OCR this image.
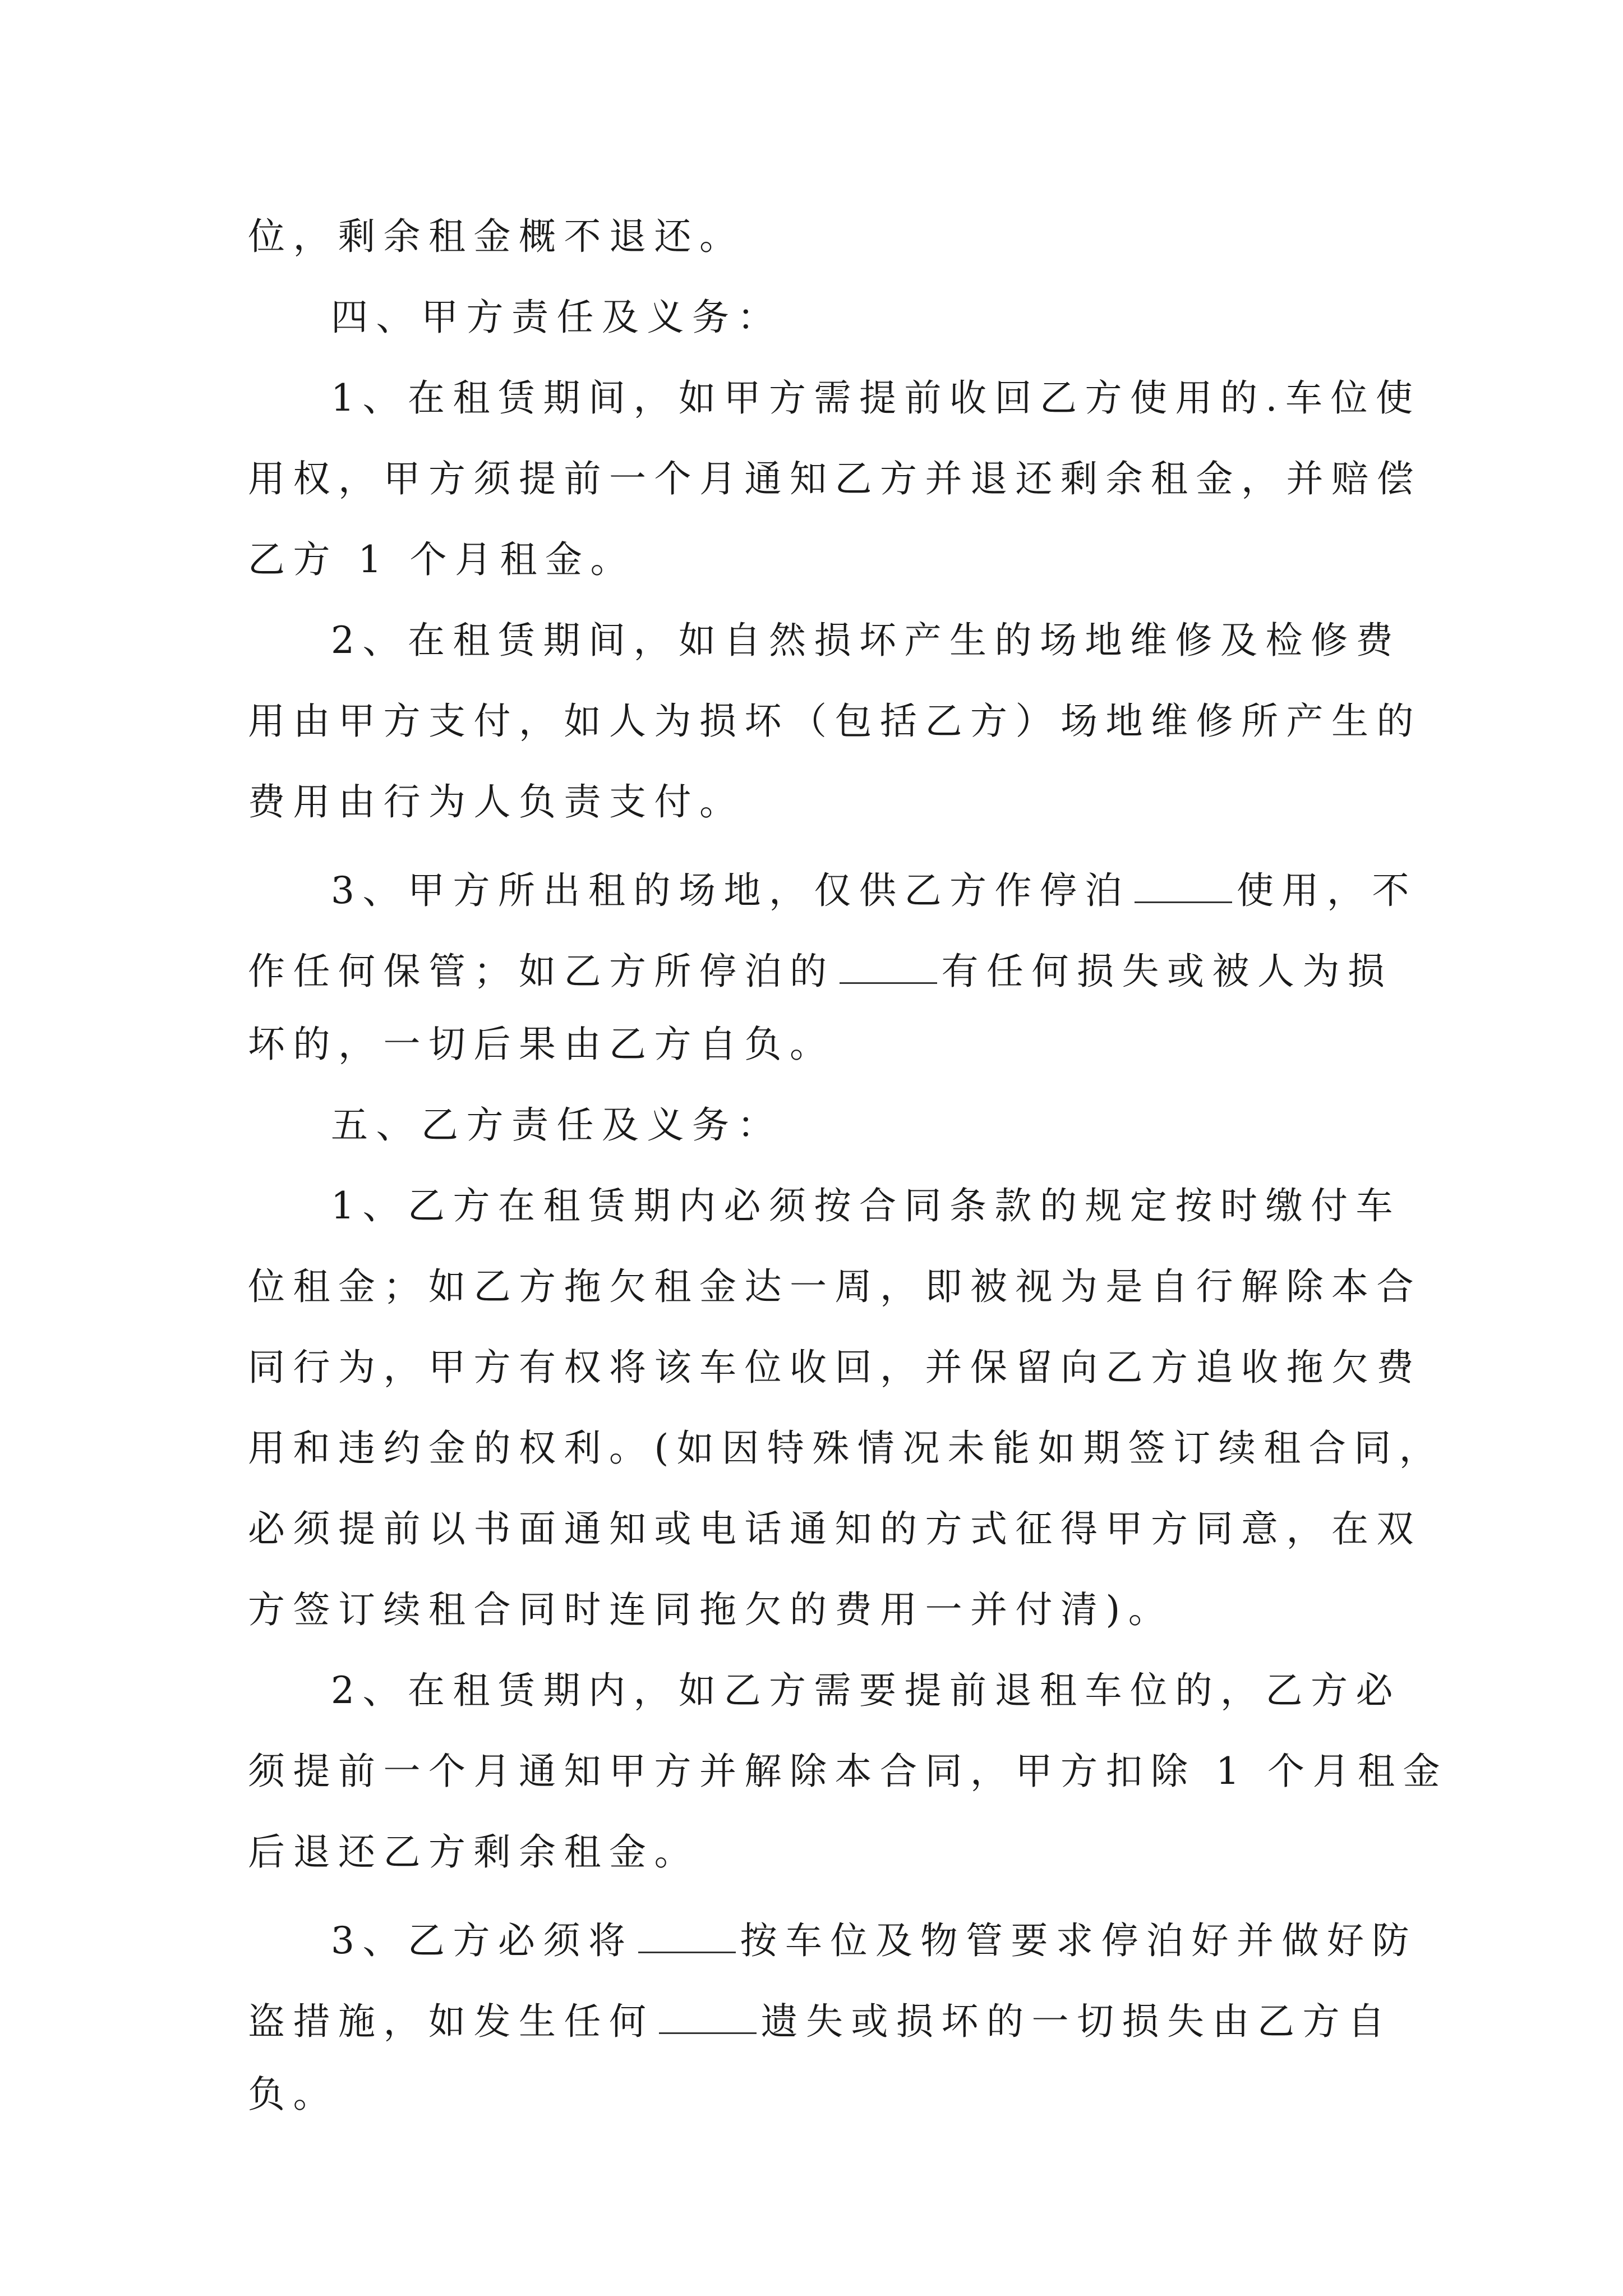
位，剩余租金概不退还。
四、甲方责任及义务：
1、在租赁期间，如甲方需提前收回乙方使用的.车位使
用权，甲方须提前一个月通知乙方并退还剩余租金，并赔偿
乙方 1 个月租金。
2、在租赁期间，如自然损坏产生的场地维修及检修费
用由甲方支付，如人为损坏（包括乙方）场地维修所产生的
费用由行为人负责支付。
3、甲方所出租的场地，仅供乙方作停泊	使用，不
作任何保管；如乙方所停泊的	有任何损失或被人为损
坏的，一切后果由乙方自负。
五、乙方责任及义务：
1、乙方在租赁期内必须按合同条款的规定按时缴付车
位租金；如乙方拖欠租金达一周，即被视为是自行解除本合
同行为，甲方有权将该车位收回，并保留向乙方追收拖欠费
用和违约金的权利。(如因特殊情况未能如期签订续租合同，
必须提前以书面通知或电话通知的方式征得甲方同意，在双
方签订续租合同时连同拖欠的费用一并付清)。
2、在租赁期内，如乙方需要提前退租车位的，乙方必
须提前一个月通知甲方并解除本合同，甲方扣除 1 个月租金
后退还乙方剩余租金。
3、乙方必须将	按车位及物管要求停泊好并做好防
盗措施，如发生任何	遗失或损坏的一切损失由乙方自
负。
